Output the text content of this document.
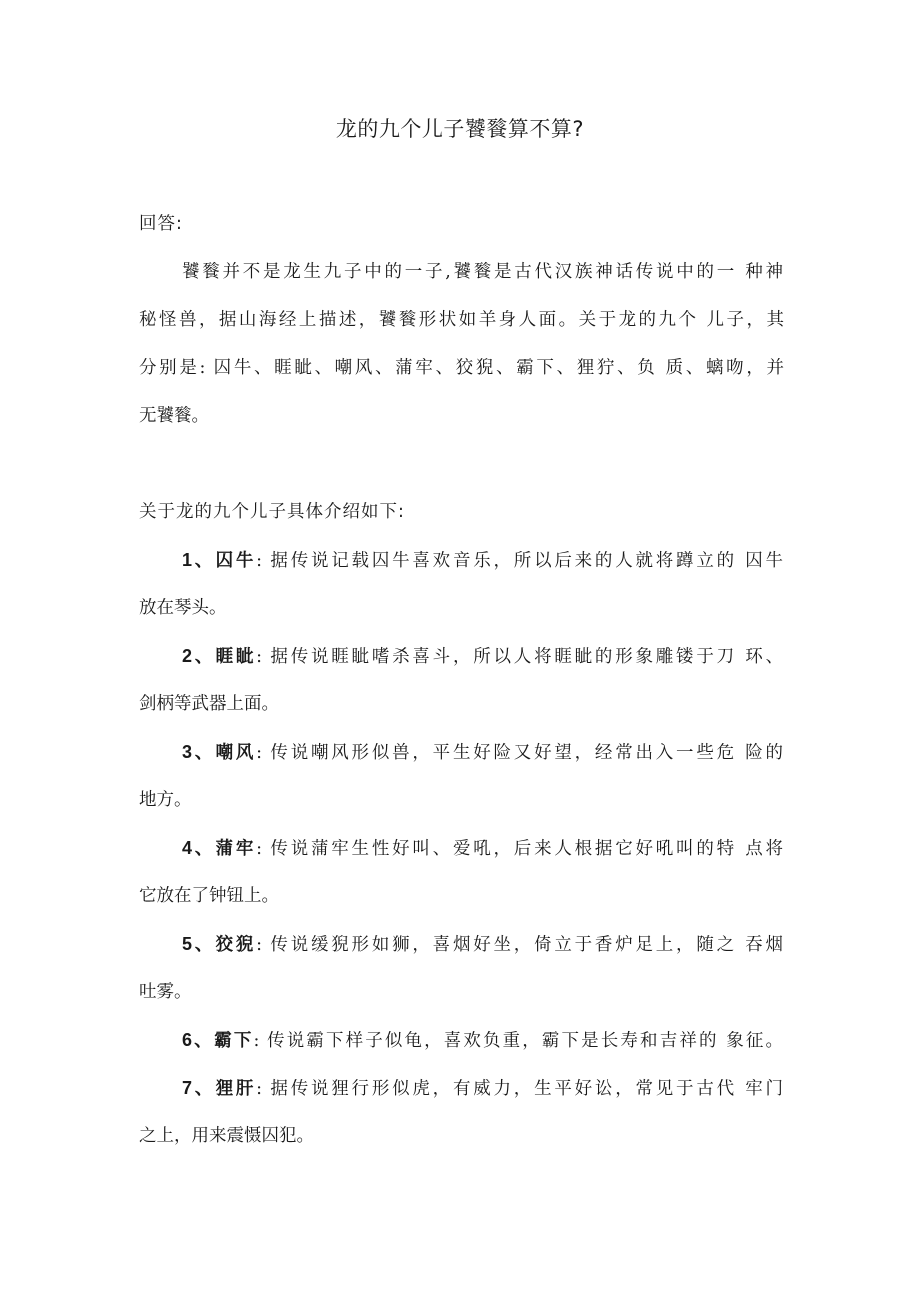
龙的九个儿子饕餮算不算?
回答:
饕餮并不是龙生九子中的一子,饕餮是古代汉族神话传说中的一 种神
秘怪兽，据山海经上描述，饕餮形状如羊身人面。关于龙的九个 儿子，其
分别是: 囚牛、睚眦、嘲风、蒲牢、狡猊、霸下、狸狞、负 质、螭吻，并
无饕餮。
关于龙的九个儿子具体介绍如下:
1、囚牛: 据传说记载囚牛喜欢音乐，所以后来的人就将蹲立的 囚牛
放在琴头。
2、睚眦: 据传说睚眦嗜杀喜斗，所以人将睚眦的形象雕镂于刀 环、
剑柄等武器上面。
3、嘲风: 传说嘲风形似兽，平生好险又好望，经常出入一些危 险的
地方。
4、蒲牢: 传说蒲牢生性好叫、爱吼，后来人根据它好吼叫的特 点将
它放在了钟钮上。
5、狡猊: 传说缓猊形如狮，喜烟好坐，倚立于香炉足上，随之 吞烟
吐雾。
6、霸下: 传说霸下样子似龟，喜欢负重，霸下是长寿和吉祥的 象征。
7、狸肝: 据传说狸行形似虎，有威力，生平好讼，常见于古代 牢门
之上，用来震慑囚犯。
